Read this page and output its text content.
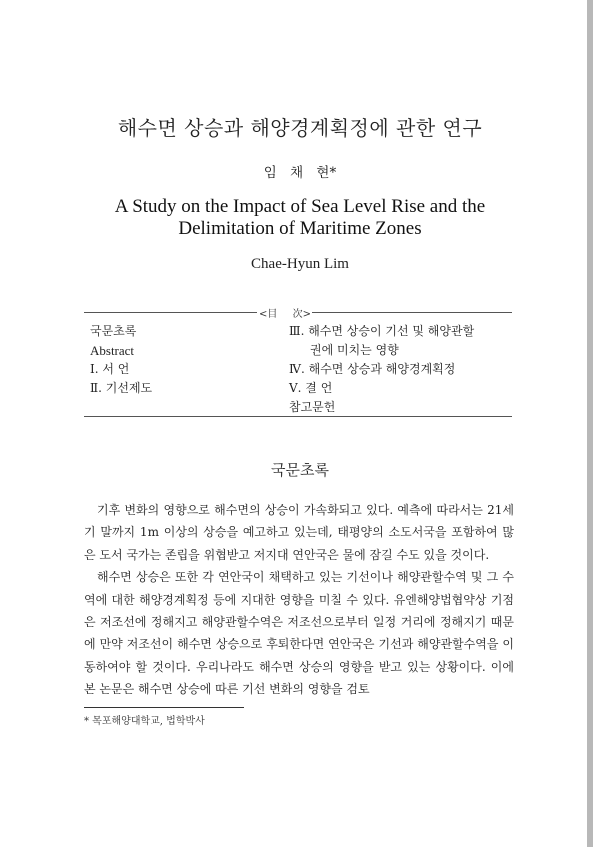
해수면 상승과 해양경계획정에 관한 연구
임 채 현*
A Study on the Impact of Sea Level Rise and the
Delimitation of Maritime Zones
Chae-Hyun Lim
<目 次>
국문초록
Abstract
Ⅰ. 서 언
Ⅱ. 기선제도
Ⅲ. 해수면 상승이 기선 및 해양관할
권에 미치는 영향
Ⅳ. 해수면 상승과 해양경계획정
Ⅴ. 결 언
참고문헌
국문초록

기후 변화의 영향으로 해수면의 상승이 가속화되고 있다. 예측에 따라서는 21세기 말까지 1m 이상의 상승을 예고하고 있는데, 태평양의 소도서국을 포함하여 많은 도서 국가는 존립을 위협받고 저지대 연안국은 물에 잠길 수도 있을 것이다.

해수면 상승은 또한 각 연안국이 채택하고 있는 기선이나 해양관할수역 및 그 수역에 대한 해양경계획정 등에 지대한 영향을 미칠 수 있다. 유엔해양법협약상 기점은 저조선에 정해지고 해양관할수역은 저조선으로부터 일정 거리에 정해지기 때문에 만약 저조선이 해수면 상승으로 후퇴한다면 연안국은 기선과 해양관할수역을 이동하여야 할 것이다. 우리나라도 해수면 상승의 영향을 받고 있는 상황이다. 이에 본 논문은 해수면 상승에 따른 기선 변화의 영향을 검토

* 목포해양대학교, 법학박사
